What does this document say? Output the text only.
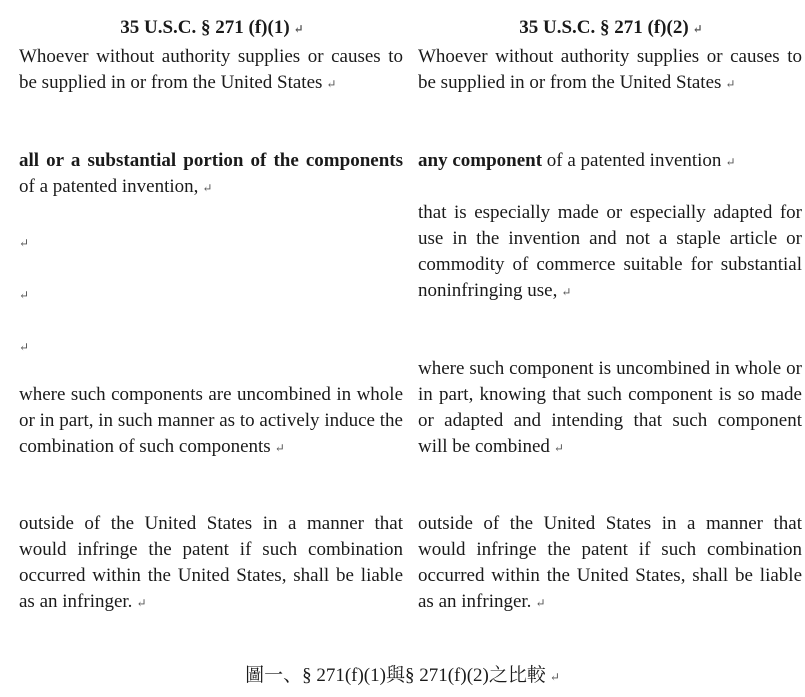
35 U.S.C. § 271 (f)(1) ↵
Whoever without authority supplies or causes to be supplied in or from the United States ↵
all or a substantial portion of the components of a patented invention, ↵
↵
↵
↵
where such components are uncombined in whole or in part, in such manner as to actively induce the combination of such components ↵
outside of the United States in a manner that would infringe the patent if such combination occurred within the United States, shall be liable as an infringer. ↵
35 U.S.C. § 271 (f)(2) ↵
Whoever without authority supplies or causes to be supplied in or from the United States ↵
any component of a patented invention ↵
that is especially made or especially adapted for use in the invention and not a staple article or commodity of commerce suitable for substantial noninfringing use, ↵
where such component is uncombined in whole or in part, knowing that such component is so made or adapted and intending that such component will be combined ↵
outside of the United States in a manner that would infringe the patent if such combination occurred within the United States, shall be liable as an infringer. ↵
圖一、§ 271(f)(1)與§ 271(f)(2)之比較 ↵
